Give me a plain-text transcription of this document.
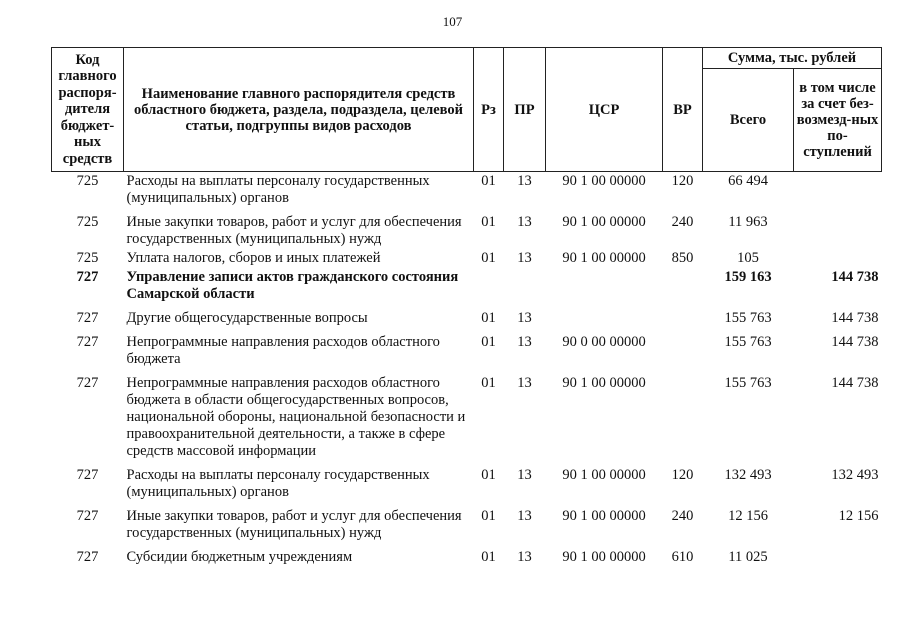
107
Код главного распоря-дителя бюджет-ных средств	Наименование главного распорядителя средств областного бюджета, раздела, подраздела, целевой статьи, подгруппы видов расходов	Рз	ПР	ЦСР	ВР	Сумма, тыс. рублей	
						Всего	в том числе за счет без-возмезд-ных по-ступлений
725	Расходы на выплаты персоналу государственных (муниципальных) органов	01	13	90 1 00 00000	120	66 494	
725	Иные закупки товаров, работ и услуг для обеспечения государственных (муниципальных) нужд	01	13	90 1 00 00000	240	11 963	
725	Уплата налогов, сборов и иных платежей	01	13	90 1 00 00000	850	105	
727	Управление записи актов гражданского состояния Самарской области					159 163	144 738
727	Другие общегосударственные вопросы	01	13			155 763	144 738
727	Непрограммные направления расходов областного бюджета	01	13	90 0 00 00000		155 763	144 738
727	Непрограммные направления расходов областного бюджета в области общегосударственных вопросов, национальной обороны, национальной безопасности и правоохранительной деятельности, а также в сфере средств массовой информации	01	13	90 1 00 00000		155 763	144 738
727	Расходы на выплаты персоналу государственных (муниципальных) органов	01	13	90 1 00 00000	120	132 493	132 493
727	Иные закупки товаров, работ и услуг для обеспечения государственных (муниципальных) нужд	01	13	90 1 00 00000	240	12 156	12 156
727	Субсидии бюджетным учреждениям	01	13	90 1 00 00000	610	11 025	
